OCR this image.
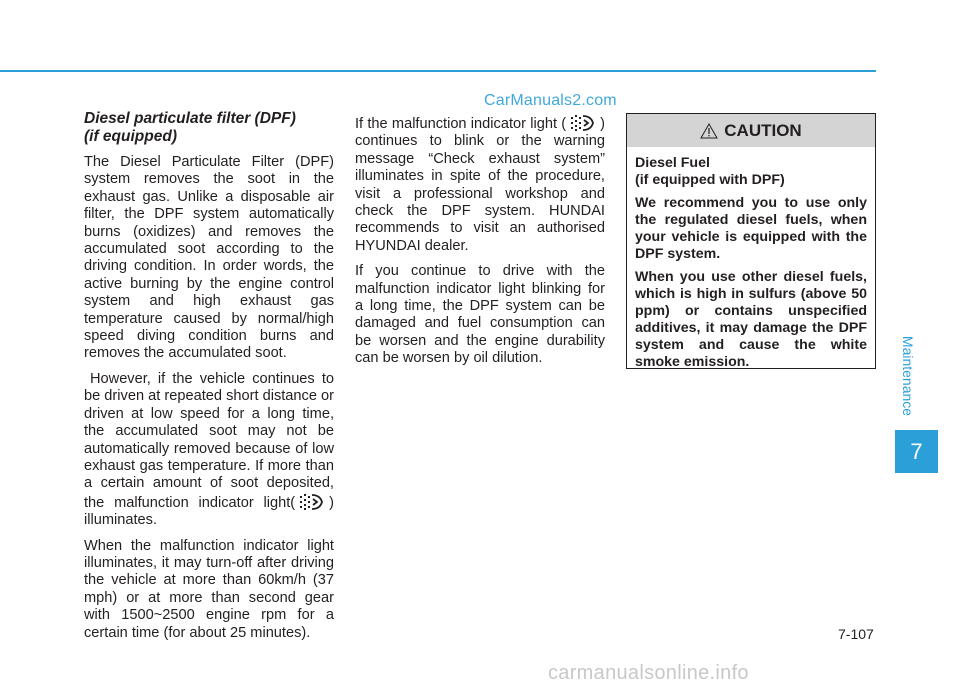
CarManuals2.com
Diesel particulate filter (DPF)
(if equipped)

The Diesel Particulate Filter (DPF) system removes the soot in the exhaust gas. Unlike a disposable air filter, the DPF system automatically burns (oxidizes) and removes the accumulated soot according to the driving condition. In order words, the active burning by the engine control system and high exhaust gas temperature caused by normal/high speed diving condition burns and removes the accumulated soot.

However, if the vehicle continues to be driven at repeated short distance or driven at low speed for a long time, the accumulated soot may not be automatically removed because of low exhaust gas temperature. If more than a certain amount of soot deposited, the malfunction indicator light( ) illuminates.

When the malfunction indicator light illuminates, it may turn-off after driving the vehicle at more than 60km/h (37 mph) or at more than second gear with 1500~2500 engine rpm for a certain time (for about 25 minutes).

If the malfunction indicator light ( ) continues to blink or the warning message “Check exhaust system” illuminates in spite of the procedure, visit a professional workshop and check the DPF system. HUNDAI recommends to visit an authorised HYUNDAI dealer.

If you continue to drive with the malfunction indicator light blinking for a long time, the DPF system can be damaged and fuel consumption can be worsen and the engine durability can be worsen by oil dilution.

CAUTION

Diesel Fuel
(if equipped with DPF)

We recommend you to use only the regulated diesel fuels, when your vehicle is equipped with the DPF system.

When you use other diesel fuels, which is high in sulfurs (above 50 ppm) or contains unspecified additives, it may damage the DPF system and cause the white smoke emission.	Maintenance
7
7-107
carmanualsonline.info
